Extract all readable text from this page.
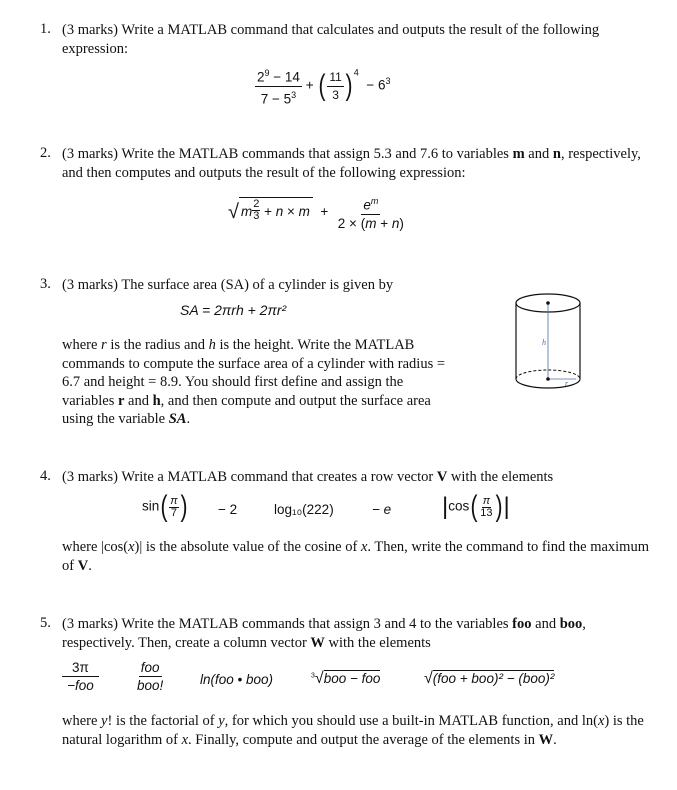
1. (3 marks) Write a MATLAB command that calculates and outputs the result of the following expression:
$\frac{2^9 - 14}{7 - 5^3}$ + ( $\frac{11}{3}$ ) $^4 - 6^3$
2. (3 marks) Write the MATLAB commands that assign 5.3 and 7.6 to variables m and n, respectively, and then computes and outputs the result of the following expression:
√ m $\frac{2}{3} + n \times m + \frac{e^m}{2 \times (m + n)}$
3. (3 marks) The surface area (SA) of a cylinder is given by
SA = 2πrh + 2πr²
where r is the radius and h is the height. Write the MATLAB commands to compute the surface area of a cylinder with radius = 6.7 and height = 8.9. You should first define and assign the variables r and h, and then compute and output the surface area using the variable SA.
h
r
4. (3 marks) Write a MATLAB command that creates a row vector V with the elements
$\sin( \frac{\pi}{7}$ ) − 2	log₁₀(222)	− e $|\cos( \frac{\pi}{13}$ )|
where |cos(x)| is the absolute value of the cosine of x. Then, write the command to find the maximum of V.
5. (3 marks) Write the MATLAB commands that assign 3 and 4 to the variables foo and boo, respectively. Then, create a column vector W with the elements
$\frac{3\pi}{\text{−foo}}$	$\frac{\text{foo}}{\text{boo!}}$	ln(foo • boo)	$^3$√boo − foo	√(foo + boo)² − (boo)²
where y! is the factorial of y, for which you should use a built-in MATLAB function, and ln(x) is the natural logarithm of x. Finally, compute and output the average of the elements in W.
